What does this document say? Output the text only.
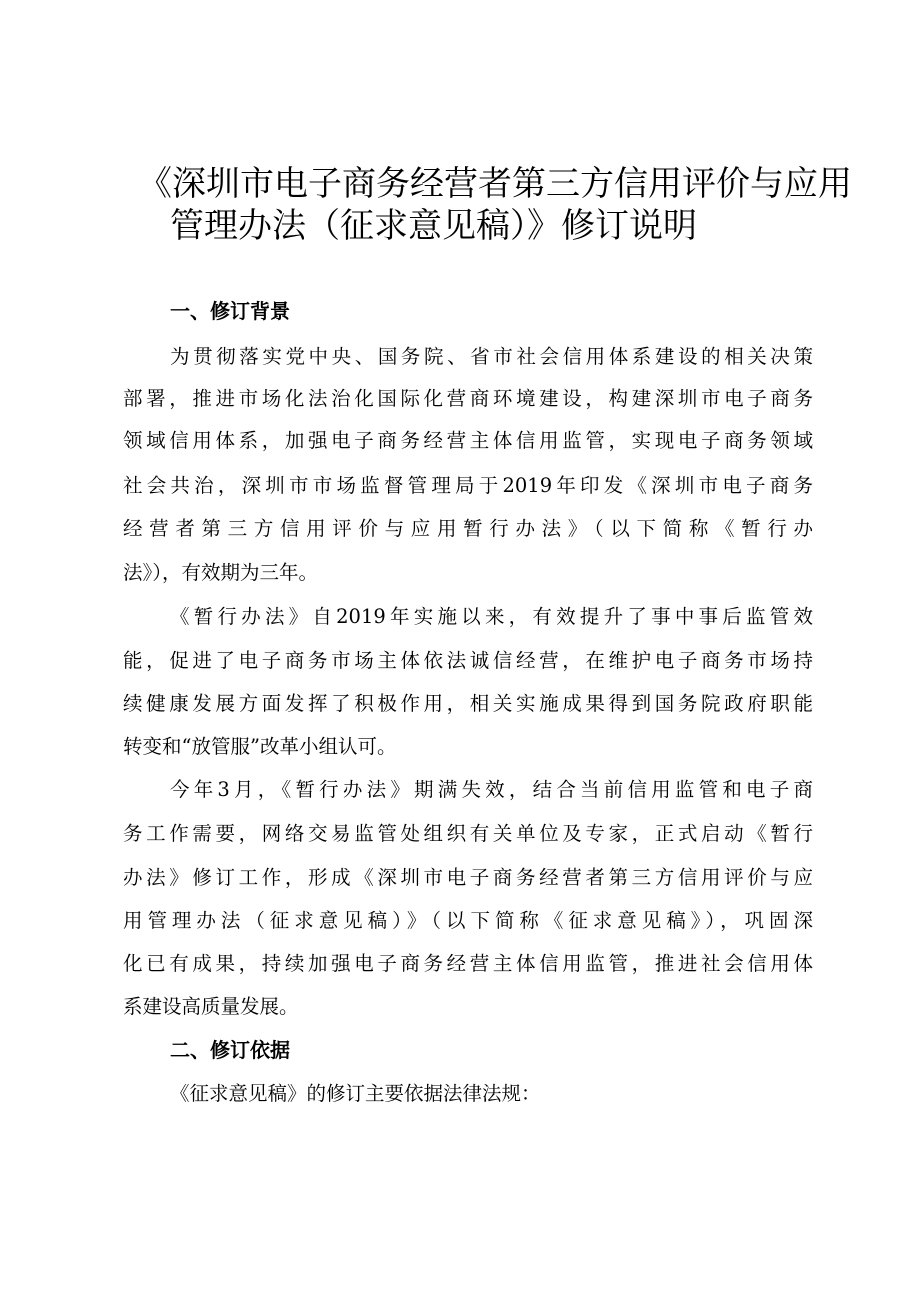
《深圳市电子商务经营者第三方信用评价与应用
管理办法（征求意见稿）》修订说明
一、修订背景
为贯彻落实党中央、国务院、省市社会信用体系建设的相关决策
部署，推进市场化法治化国际化营商环境建设，构建深圳市电子商务
领域信用体系，加强电子商务经营主体信用监管，实现电子商务领域
社会共治，深圳市市场监督管理局于2019年印发《深圳市电子商务
经营者第三方信用评价与应用暂行办法》（以下简称《暂行办
法》），有效期为三年。
《暂行办法》自2019年实施以来，有效提升了事中事后监管效
能，促进了电子商务市场主体依法诚信经营，在维护电子商务市场持
续健康发展方面发挥了积极作用，相关实施成果得到国务院政府职能
转变和“放管服”改革小组认可。
今年3月，《暂行办法》期满失效，结合当前信用监管和电子商
务工作需要，网络交易监管处组织有关单位及专家，正式启动《暂行
办法》修订工作，形成《深圳市电子商务经营者第三方信用评价与应
用管理办法（征求意见稿）》（以下简称《征求意见稿》），巩固深
化已有成果，持续加强电子商务经营主体信用监管，推进社会信用体
系建设高质量发展。
二、修订依据
《征求意见稿》的修订主要依据法律法规：
